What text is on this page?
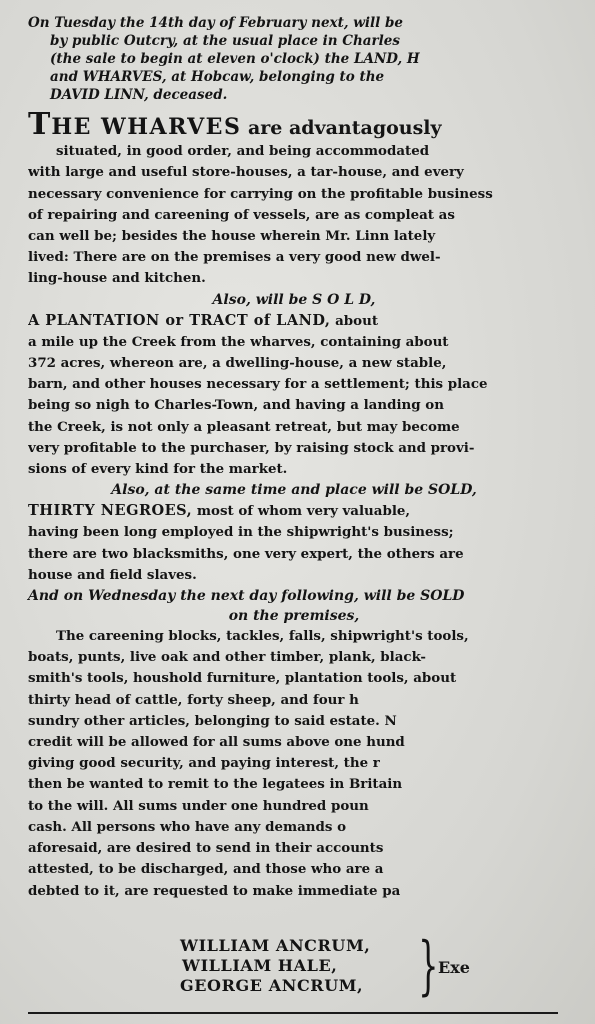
On Tuesday the 14th day of February next, will be
by public Outcry, at the usual place in Charles
(the sale to begin at eleven o'clock) the LAND, H
and WHARVES, at Hobcaw, belonging to the
DAVID LINN, deceased.
THE WHARVES are advantagously
situated, in good order, and being accommodated
with large and useful store-houses, a tar-house, and every
necessary convenience for carrying on the profitable business
of repairing and careening of vessels, are as compleat as
can well be; besides the house wherein Mr. Linn lately
lived: There are on the premises a very good new dwel-
ling-house and kitchen.
Also, will be S O L D,
A PLANTATION or TRACT of LAND, about
a mile up the Creek from the wharves, containing about
372 acres, whereon are, a dwelling-house, a new stable,
barn, and other houses necessary for a settlement; this place
being so nigh to Charles-Town, and having a landing on
the Creek, is not only a pleasant retreat, but may become
very profitable to the purchaser, by raising stock and provi-
sions of every kind for the market.
Also, at the same time and place will be SOLD,
THIRTY NEGROES, most of whom very valuable,
having been long employed in the shipwright's business;
there are two blacksmiths, one very expert, the others are
house and field slaves.
And on Wednesday the next day following, will be SOLD
on the premises,
The careening blocks, tackles, falls, shipwright's tools,
boats, punts, live oak and other timber, plank, black-
smith's tools, houshold furniture, plantation tools, about
thirty head of cattle, forty sheep, and four h
sundry other articles, belonging to said estate. N
credit will be allowed for all sums above one hund
giving good security, and paying interest, the r
then be wanted to remit to the legatees in Britain
to the will. All sums under one hundred poun
cash. All persons who have any demands o
aforesaid, are desired to send in their accounts
attested, to be discharged, and those who are a
debted to it, are requested to make immediate pa
WILLIAM ANCRUM,
WILLIAM HALE,
GEORGE ANCRUM, } Exe
